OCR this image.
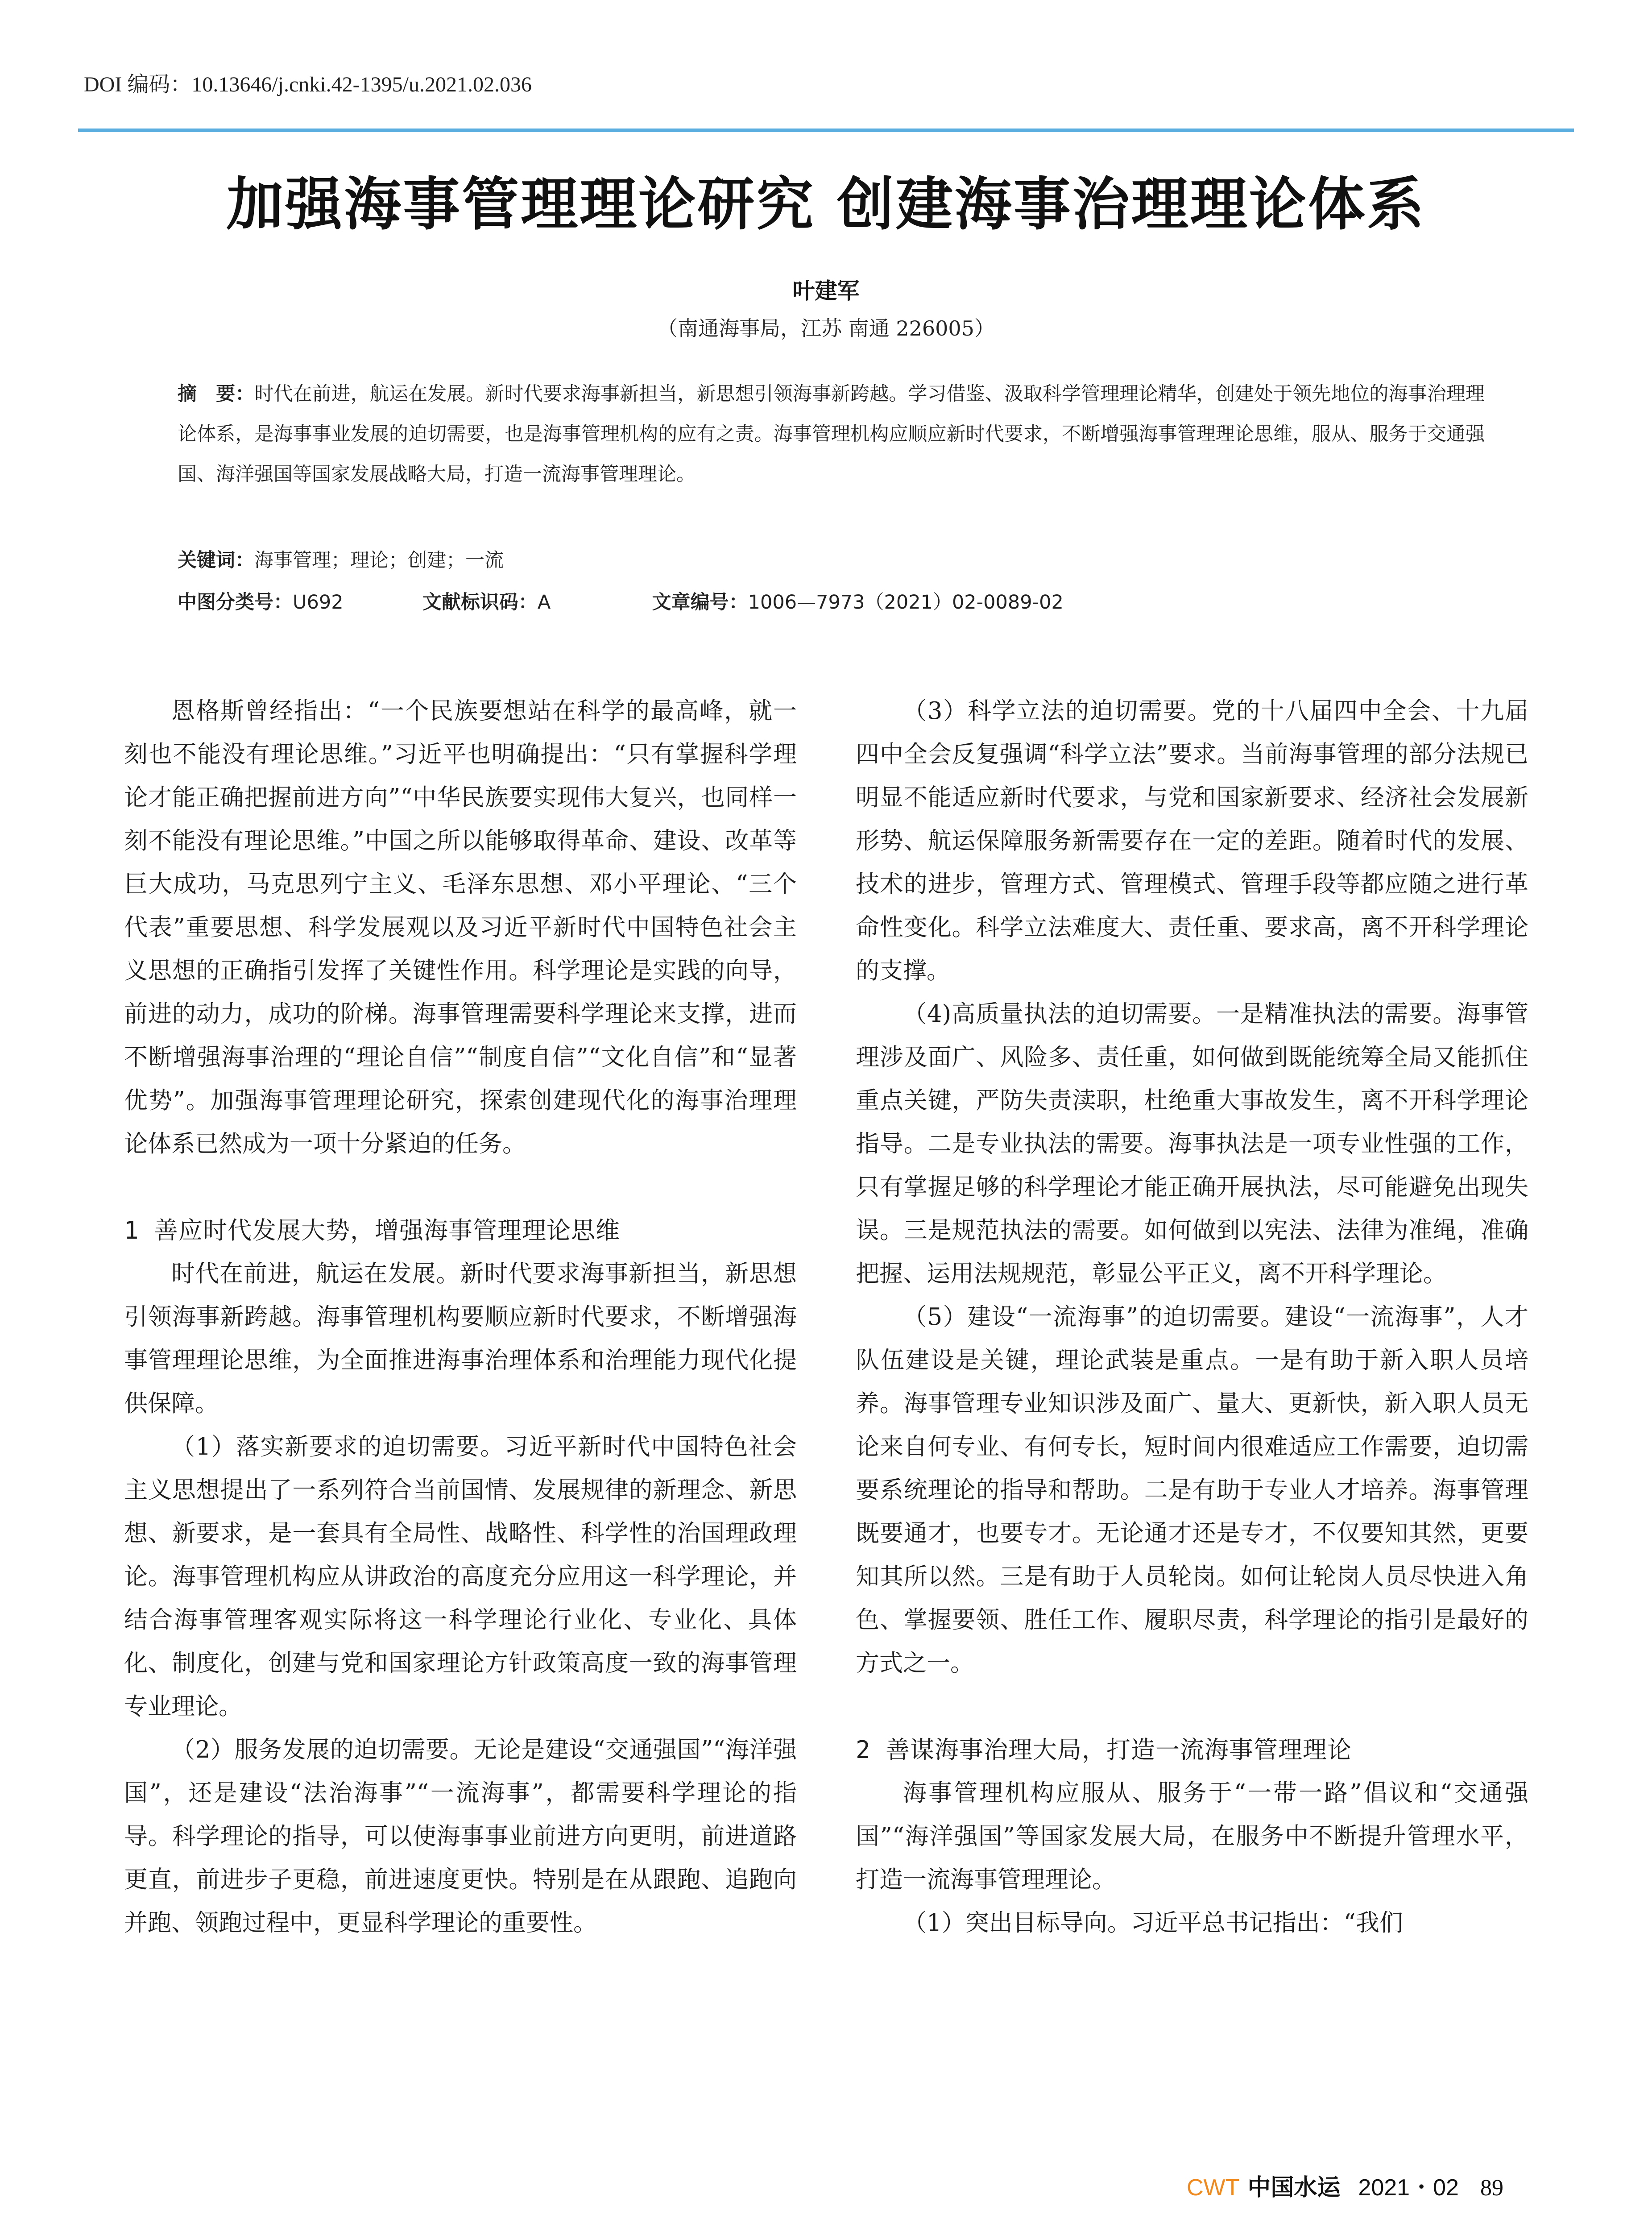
DOI 编码：10.13646/j.cnki.42-1395/u.2021.02.036
加强海事管理理论研究 创建海事治理理论体系
叶建军
（南通海事局，江苏 南通 226005）
摘　要：时代在前进，航运在发展。新时代要求海事新担当，新思想引领海事新跨越。学习借鉴、汲取科学管理理论精华，创建处于领先地位的海事治理理论体系，是海事事业发展的迫切需要，也是海事管理机构的应有之责。海事管理机构应顺应新时代要求，不断增强海事管理理论思维，服从、服务于交通强国、海洋强国等国家发展战略大局，打造一流海事管理理论。
关键词：海事管理；理论；创建；一流
中图分类号：U692	文献标识码：A	文章编号：1006—7973（2021）02-0089-02

恩格斯曾经指出：“一个民族要想站在科学的最高峰，就一刻也不能没有理论思维。”习近平也明确提出：“只有掌握科学理论才能正确把握前进方向”“中华民族要实现伟大复兴，也同样一刻不能没有理论思维。”中国之所以能够取得革命、建设、改革等巨大成功，马克思列宁主义、毛泽东思想、邓小平理论、“三个代表”重要思想、科学发展观以及习近平新时代中国特色社会主义思想的正确指引发挥了关键性作用。科学理论是实践的向导，前进的动力，成功的阶梯。海事管理需要科学理论来支撑，进而不断增强海事治理的“理论自信”“制度自信”“文化自信”和“显著优势”。加强海事管理理论研究，探索创建现代化的海事治理理论体系已然成为一项十分紧迫的任务。

1 善应时代发展大势，增强海事管理理论思维

时代在前进，航运在发展。新时代要求海事新担当，新思想引领海事新跨越。海事管理机构要顺应新时代要求，不断增强海事管理理论思维，为全面推进海事治理体系和治理能力现代化提供保障。

（1）落实新要求的迫切需要。习近平新时代中国特色社会主义思想提出了一系列符合当前国情、发展规律的新理念、新思想、新要求，是一套具有全局性、战略性、科学性的治国理政理论。海事管理机构应从讲政治的高度充分应用这一科学理论，并结合海事管理客观实际将这一科学理论行业化、专业化、具体化、制度化，创建与党和国家理论方针政策高度一致的海事管理专业理论。

（2）服务发展的迫切需要。无论是建设“交通强国”“海洋强国”，还是建设“法治海事”“一流海事”，都需要科学理论的指导。科学理论的指导，可以使海事事业前进方向更明，前进道路更直，前进步子更稳，前进速度更快。特别是在从跟跑、追跑向并跑、领跑过程中，更显科学理论的重要性。

（3）科学立法的迫切需要。党的十八届四中全会、十九届四中全会反复强调“科学立法”要求。当前海事管理的部分法规已明显不能适应新时代要求，与党和国家新要求、经济社会发展新形势、航运保障服务新需要存在一定的差距。随着时代的发展、技术的进步，管理方式、管理模式、管理手段等都应随之进行革命性变化。科学立法难度大、责任重、要求高，离不开科学理论的支撑。

（4)高质量执法的迫切需要。一是精准执法的需要。海事管理涉及面广、风险多、责任重，如何做到既能统筹全局又能抓住重点关键，严防失责渎职，杜绝重大事故发生，离不开科学理论指导。二是专业执法的需要。海事执法是一项专业性强的工作，只有掌握足够的科学理论才能正确开展执法，尽可能避免出现失误。三是规范执法的需要。如何做到以宪法、法律为准绳，准确把握、运用法规规范，彰显公平正义，离不开科学理论。

（5）建设“一流海事”的迫切需要。建设“一流海事”，人才队伍建设是关键，理论武装是重点。一是有助于新入职人员培养。海事管理专业知识涉及面广、量大、更新快，新入职人员无论来自何专业、有何专长，短时间内很难适应工作需要，迫切需要系统理论的指导和帮助。二是有助于专业人才培养。海事管理既要通才，也要专才。无论通才还是专才，不仅要知其然，更要知其所以然。三是有助于人员轮岗。如何让轮岗人员尽快进入角色、掌握要领、胜任工作、履职尽责，科学理论的指引是最好的方式之一。

2 善谋海事治理大局，打造一流海事管理理论

海事管理机构应服从、服务于“一带一路”倡议和“交通强国”“海洋强国”等国家发展大局，在服务中不断提升管理水平，打造一流海事管理理论。

（1）突出目标导向。习近平总书记指出：“我们

CWT 中国水运 2021・02 89
